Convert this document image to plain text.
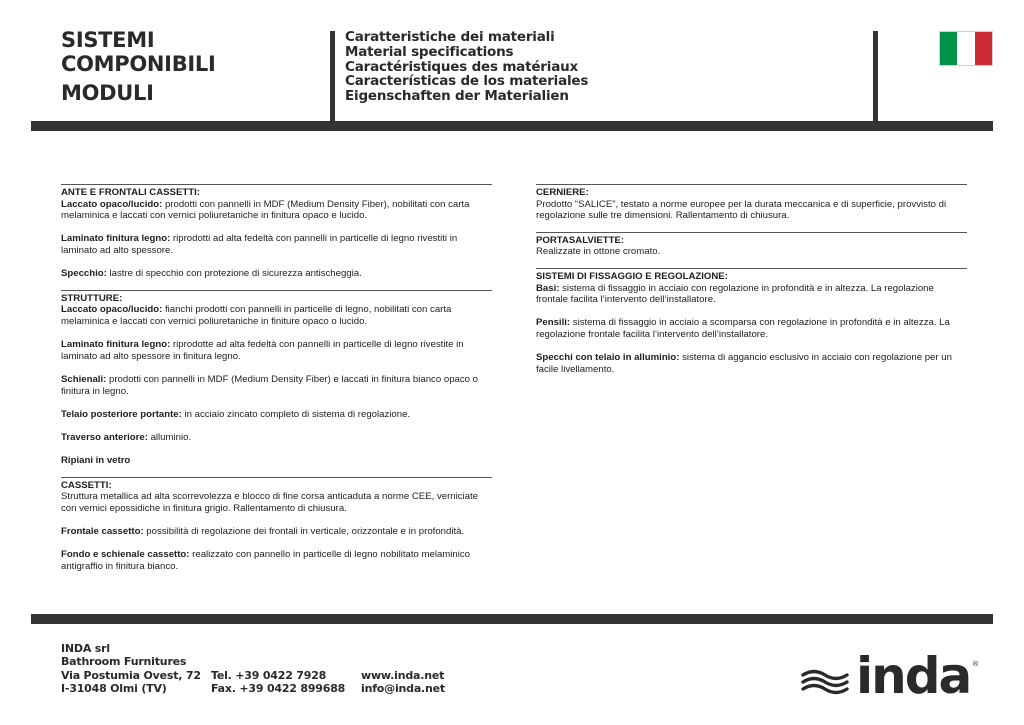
SISTEMI
COMPONIBILI
MODULI
Caratteristiche dei materiali
Material specifications
Caractéristiques des matériaux
Características de los materiales
Eigenschaften der Materialien
ANTE E FRONTALI CASSETTI:
Laccato opaco/lucido: prodotti con pannelli in MDF (Medium Density Fiber), nobilitati con carta melaminica e laccati con vernici poliuretaniche in finitura opaco e lucido.
Laminato finitura legno: riprodotti ad alta fedeltà con pannelli in particelle di legno rivestiti in laminato ad alto spessore.
Specchio: lastre di specchio con protezione di sicurezza antischeggia.
STRUTTURE:
Laccato opaco/lucido: fianchi prodotti con pannelli in particelle di legno, nobilitati con carta melaminica e laccati con vernici poliuretaniche in finiture opaco o lucido.
Laminato finitura legno: riprodotte ad alta fedeltà con pannelli in particelle di legno rivestite in laminato ad alto spessore in finitura legno.
Schienali: prodotti con pannelli in MDF (Medium Density Fiber) e laccati in finitura bianco opaco o finitura in legno.
Telaio posteriore portante: in acciaio zincato completo di sistema di regolazione.
Traverso anteriore: alluminio.
Ripiani in vetro
CASSETTI:
Struttura metallica ad alta scorrevolezza e blocco di fine corsa anticaduta a norme CEE, verniciate con vernici epossidiche in finitura grigio. Rallentamento di chiusura.
Frontale cassetto: possibilità di regolazione dei frontali in verticale, orizzontale e in profondità.
Fondo e schienale cassetto: realizzato con pannello in particelle di legno nobilitato melaminico antigraffio in finitura bianco.
CERNIERE:
Prodotto “SALICE”, testato a norme europee per la durata meccanica e di superficie, provvisto di regolazione sulle tre dimensioni. Rallentamento di chiusura.
PORTASALVIETTE:
Realizzate in ottone cromato.
SISTEMI DI FISSAGGIO E REGOLAZIONE:
Basi: sistema di fissaggio in acciaio con regolazione in profondità e in altezza. La regolazione frontale facilita l’intervento dell’installatore.
Pensili: sistema di fissaggio in acciaio a scomparsa con regolazione in profondità e in altezza. La regolazione frontale facilita l’intervento dell’installatore.
Specchi con telaio in alluminio: sistema di aggancio esclusivo in acciaio con regolazione per un facile livellamento.
INDA srl
Bathroom Furnitures
Via Postumia Ovest, 72
I-31048 Olmi (TV)
Tel. +39 0422 7928
Fax. +39 0422 899688
www.inda.net
info@inda.net	inda ®
